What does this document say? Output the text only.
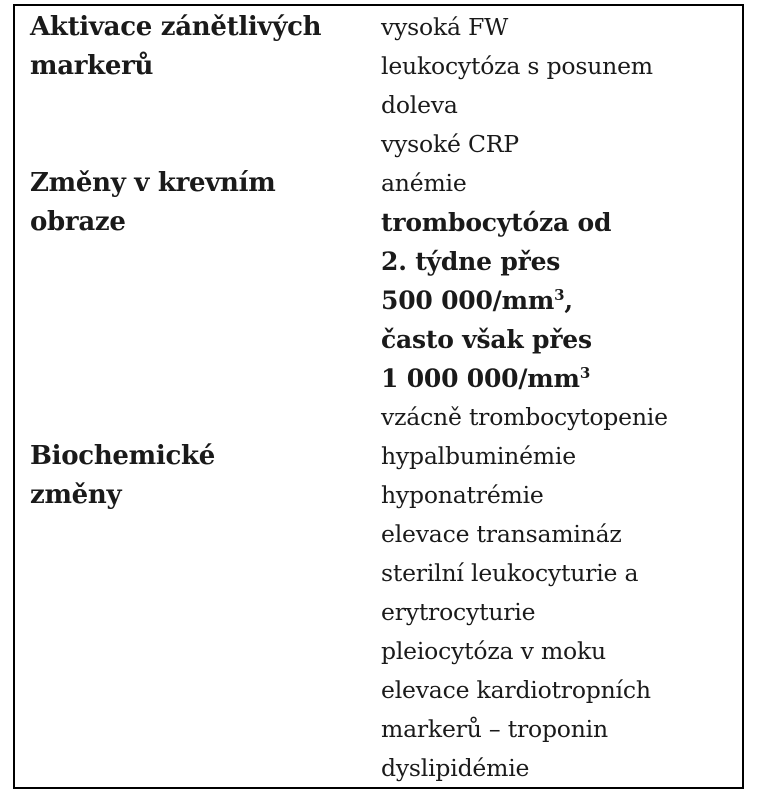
Aktivace zánětlivých
markerů
vysoká FW
leukocytóza s posunem
doleva
vysoké CRP
Změny v krevním
obraze
anémie
trombocytóza od
2. týdne přes
500 $000/mm^3$,
často však přes
1 000 $000/mm^3$
vzácně trombocytopenie
Biochemické
změny
hypalbuminémie
hyponatrémie
elevace transamináz
sterilní leukocyturie a
erytrocyturie
pleiocytóza v moku
elevace kardiotropních
markerů – troponin
dyslipidémie
